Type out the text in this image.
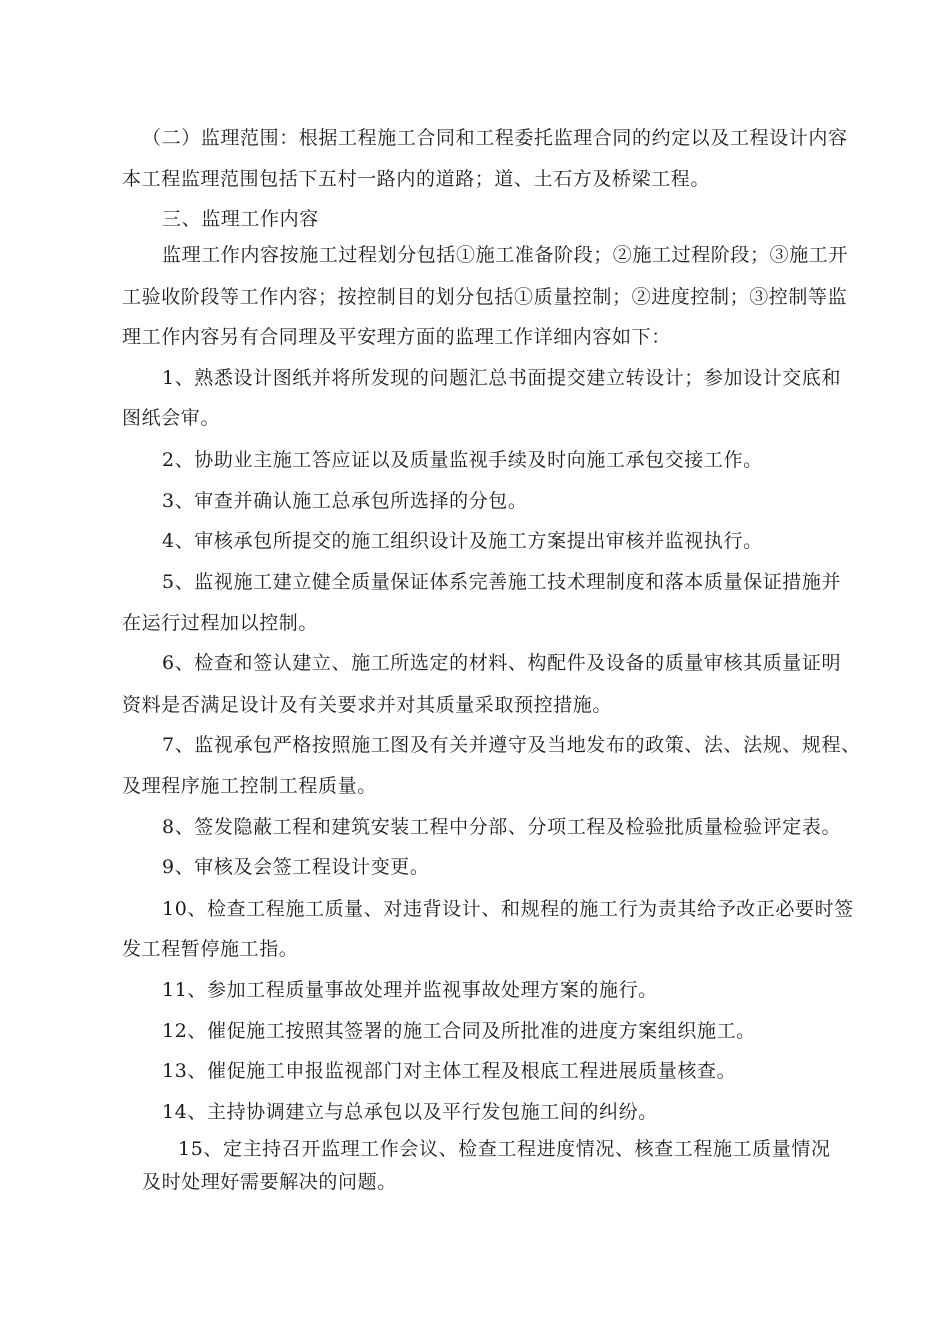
（二）监理范围：根据工程施工合同和工程委托监理合同的约定以及工程设计内容
本工程监理范围包括下五村一路内的道路；道、土石方及桥梁工程。
三、监理工作内容
监理工作内容按施工过程划分包括①施工准备阶段；②施工过程阶段；③施工开
工验收阶段等工作内容；按控制目的划分包括①质量控制；②进度控制；③控制等监
理工作内容另有合同理及平安理方面的监理工作详细内容如下：
1、熟悉设计图纸并将所发现的问题汇总书面提交建立转设计；参加设计交底和
图纸会审。
2、协助业主施工答应证以及质量监视手续及时向施工承包交接工作。
3、审查并确认施工总承包所选择的分包。
4、审核承包所提交的施工组织设计及施工方案提出审核并监视执行。
5、监视施工建立健全质量保证体系完善施工技术理制度和落本质量保证措施并
在运行过程加以控制。
6、检查和签认建立、施工所选定的材料、构配件及设备的质量审核其质量证明
资料是否满足设计及有关要求并对其质量采取预控措施。
7、监视承包严格按照施工图及有关并遵守及当地发布的政策、法、法规、规程、
及理程序施工控制工程质量。
8、签发隐蔽工程和建筑安装工程中分部、分项工程及检验批质量检验评定表。
9、审核及会签工程设计变更。
10、检查工程施工质量、对违背设计、和规程的施工行为责其给予改正必要时签
发工程暂停施工指。
11、参加工程质量事故处理并监视事故处理方案的施行。
12、催促施工按照其签署的施工合同及所批准的进度方案组织施工。
13、催促施工申报监视部门对主体工程及根底工程进展质量核查。
14、主持协调建立与总承包以及平行发包施工间的纠纷。
15、定主持召开监理工作会议、检查工程进度情况、核查工程施工质量情况
及时处理好需要解决的问题。
